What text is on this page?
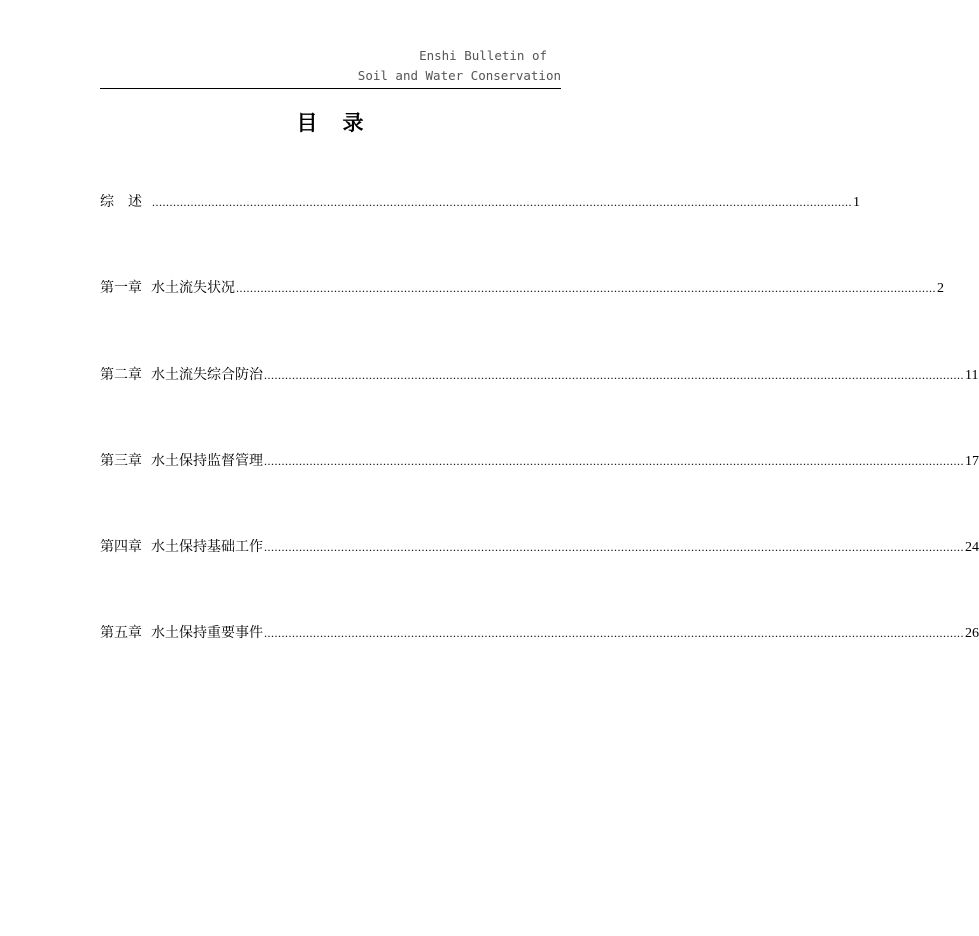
Enshi Bulletin of
Soil and Water Conservation
目　录
综　述 ........................................................................................................................................................................................................ 1
第一章 水土流失状况 ........................................................................................................................................................................................................ 2
第二章 水土流失综合防治 ........................................................................................................................................................................................................ 11
第三章 水土保持监督管理 ........................................................................................................................................................................................................ 17
第四章 水土保持基础工作 ........................................................................................................................................................................................................ 24
第五章 水土保持重要事件 ........................................................................................................................................................................................................ 26
